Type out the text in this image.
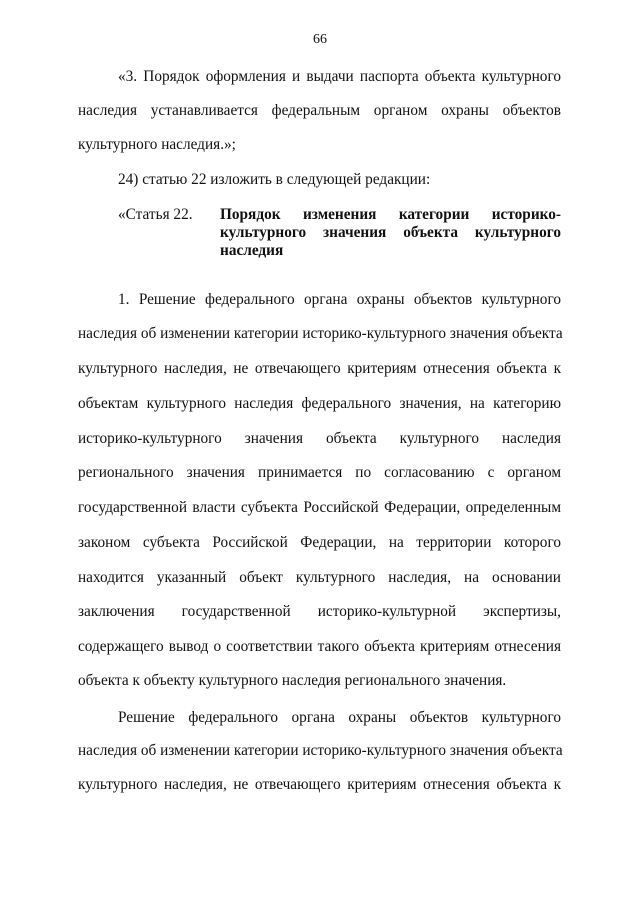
66
«3. Порядок оформления и выдачи паспорта объекта культурного
наследия устанавливается федеральным органом охраны объектов
культурного наследия.»;
24) статью 22 изложить в следующей редакции:
«Статья 22. Порядок изменения категории историко-
культурного значения объекта культурного
наследия
1. Решение федерального органа охраны объектов культурного
наследия об изменении категории историко-культурного значения объекта
культурного наследия, не отвечающего критериям отнесения объекта к
объектам культурного наследия федерального значения, на категорию
историко-культурного значения объекта культурного наследия
регионального значения принимается по согласованию с органом
государственной власти субъекта Российской Федерации, определенным
законом субъекта Российской Федерации, на территории которого
находится указанный объект культурного наследия, на основании
заключения государственной историко-культурной экспертизы,
содержащего вывод о соответствии такого объекта критериям отнесения
объекта к объекту культурного наследия регионального значения.
Решение федерального органа охраны объектов культурного
наследия об изменении категории историко-культурного значения объекта
культурного наследия, не отвечающего критериям отнесения объекта к
